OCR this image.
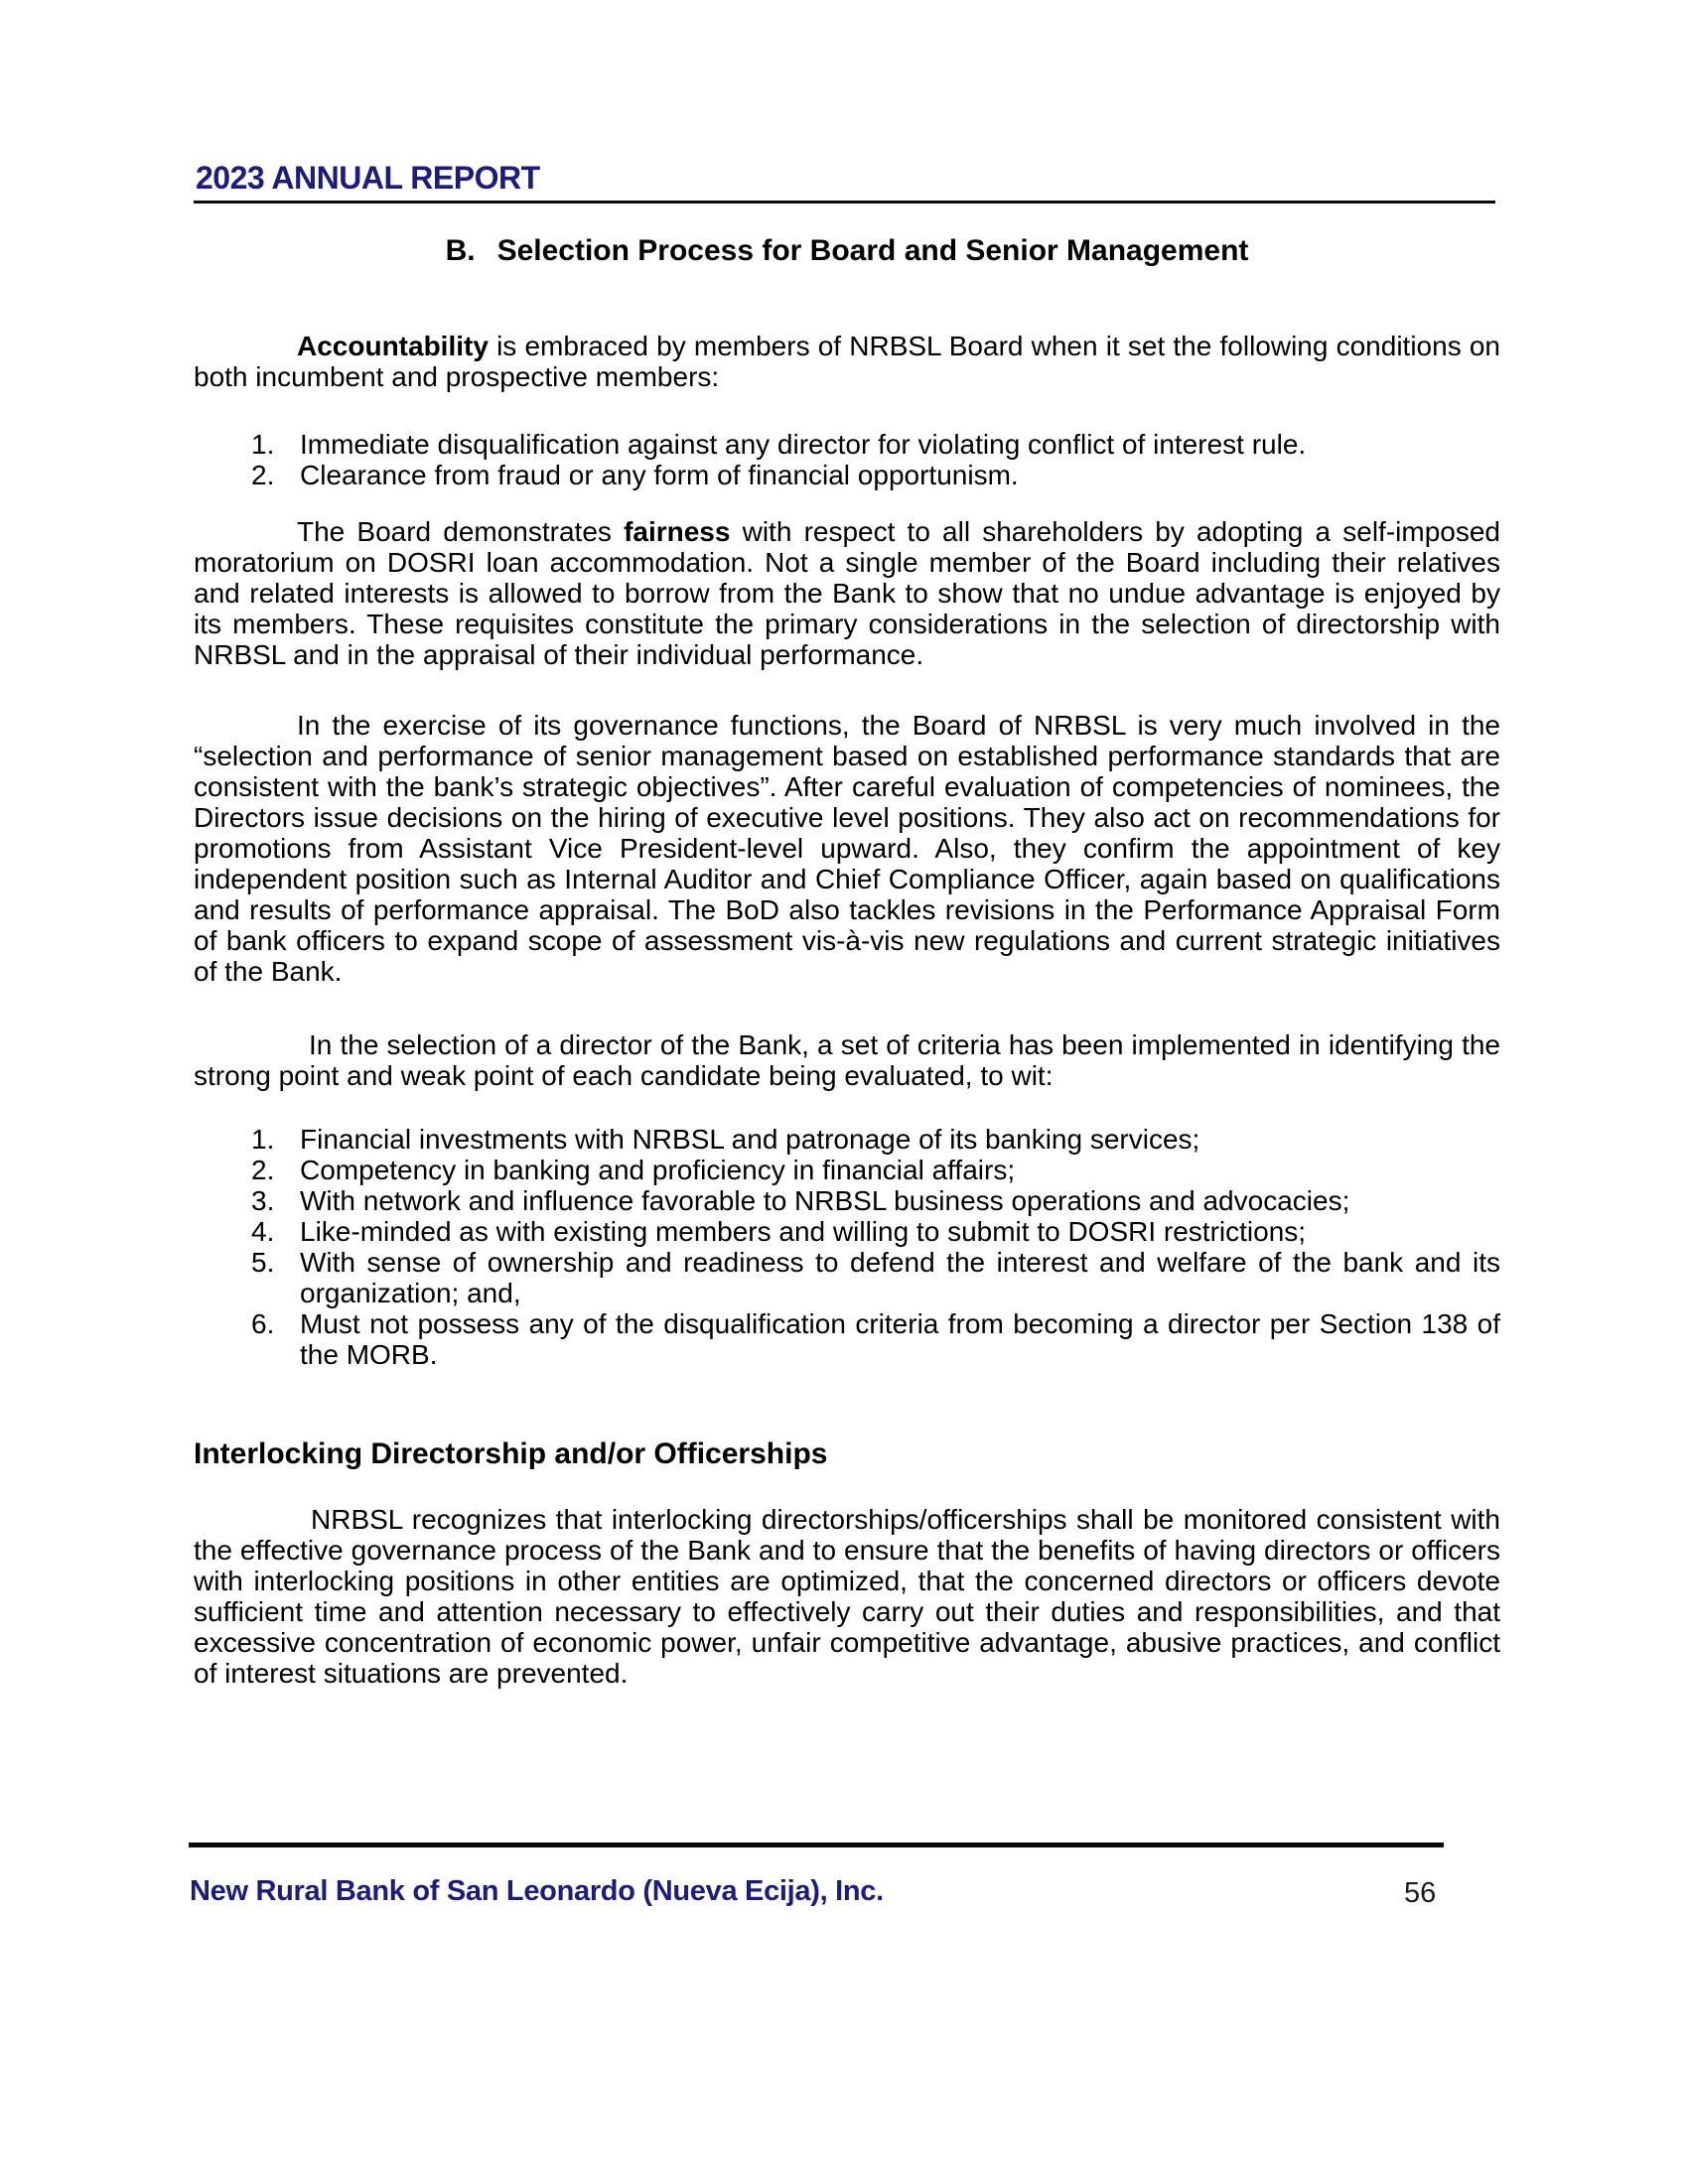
2023 ANNUAL REPORT
B. Selection Process for Board and Senior Management

Accountability is embraced by members of NRBSL Board when it set the following conditions on both incumbent and prospective members:

1. Immediate disqualification against any director for violating conflict of interest rule.
2. Clearance from fraud or any form of financial opportunism.

The Board demonstrates fairness with respect to all shareholders by adopting a self-imposed moratorium on DOSRI loan accommodation. Not a single member of the Board including their relatives and related interests is allowed to borrow from the Bank to show that no undue advantage is enjoyed by its members. These requisites constitute the primary considerations in the selection of directorship with NRBSL and in the appraisal of their individual performance.

In the exercise of its governance functions, the Board of NRBSL is very much involved in the “selection and performance of senior management based on established performance standards that are consistent with the bank’s strategic objectives”. After careful evaluation of competencies of nominees, the Directors issue decisions on the hiring of executive level positions. They also act on recommendations for promotions from Assistant Vice President-level upward. Also, they confirm the appointment of key independent position such as Internal Auditor and Chief Compliance Officer, again based on qualifications and results of performance appraisal. The BoD also tackles revisions in the Performance Appraisal Form of bank officers to expand scope of assessment vis-à-vis new regulations and current strategic initiatives of the Bank.

In the selection of a director of the Bank, a set of criteria has been implemented in identifying the strong point and weak point of each candidate being evaluated, to wit:

1. Financial investments with NRBSL and patronage of its banking services;
2. Competency in banking and proficiency in financial affairs;
3. With network and influence favorable to NRBSL business operations and advocacies;
4. Like-minded as with existing members and willing to submit to DOSRI restrictions;
5. With sense of ownership and readiness to defend the interest and welfare of the bank and its organization; and,
6. Must not possess any of the disqualification criteria from becoming a director per Section 138 of the MORB.
Interlocking Directorship and/or Officerships

NRBSL recognizes that interlocking directorships/officerships shall be monitored consistent with the effective governance process of the Bank and to ensure that the benefits of having directors or officers with interlocking positions in other entities are optimized, that the concerned directors or officers devote sufficient time and attention necessary to effectively carry out their duties and responsibilities, and that excessive concentration of economic power, unfair competitive advantage, abusive practices, and conflict of interest situations are prevented.

New Rural Bank of San Leonardo (Nueva Ecija), Inc.	56
